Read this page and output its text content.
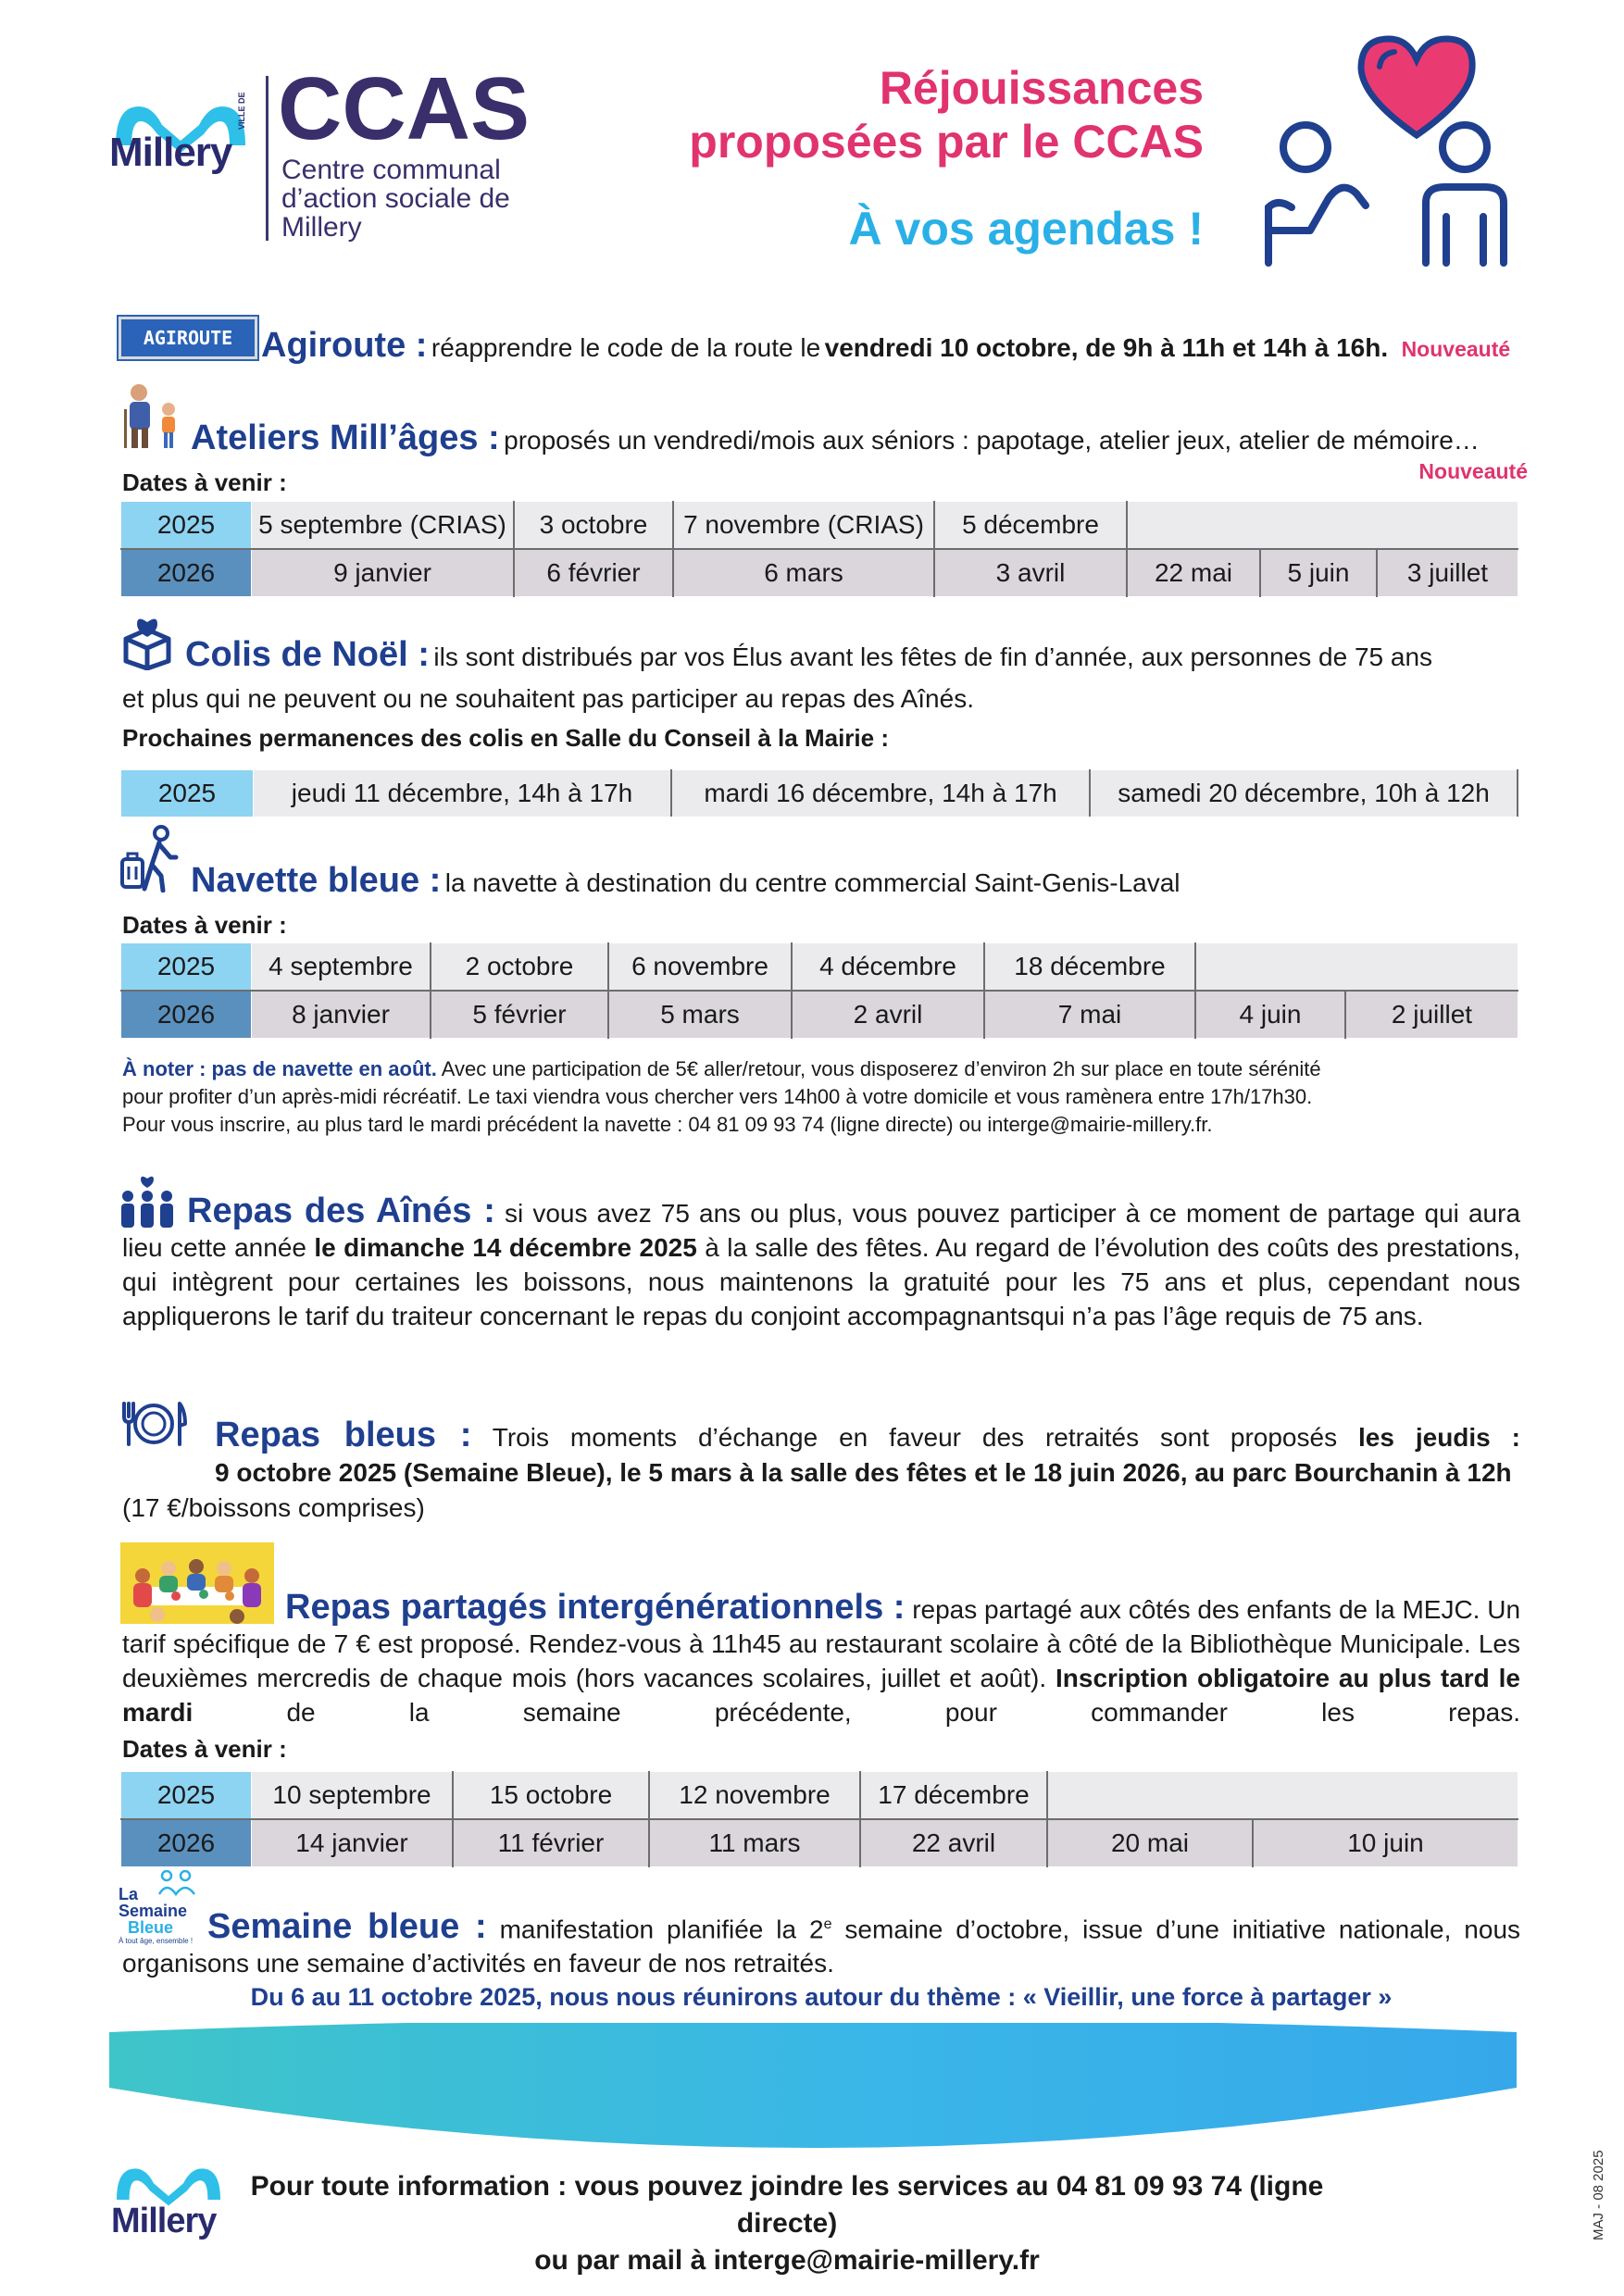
Millery
VILLE DE CCAS
Centre communal d’action sociale de Millery
Réjouissances
proposées par le CCAS
À vos agendas !
AGIROUTE Agiroute : réapprendre le code de la route le vendredi 10 octobre, de 9h à 11h et 14h à 16h. Nouveauté
Ateliers Mill’âges : proposés un vendredi/mois aux séniors : papotage, atelier jeux, atelier de mémoire…
Dates à venir :	Nouveauté
2025	5 septembre (CRIAS)	3 octobre	7 novembre (CRIAS)	5 décembre			
2026	9 janvier	6 février	6 mars	3 avril	22 mai	5 juin	3 juillet
Colis de Noël : ils sont distribués par vos Élus avant les fêtes de fin d’année, aux personnes de 75 ans
et plus qui ne peuvent ou ne souhaitent pas participer au repas des Aînés.
Prochaines permanences des colis en Salle du Conseil à la Mairie :
2025	jeudi 11 décembre, 14h à 17h	mardi 16 décembre, 14h à 17h	samedi 20 décembre, 10h à 12h
Navette bleue : la navette à destination du centre commercial Saint-Genis-Laval
Dates à venir :
2025	4 septembre	2 octobre	6 novembre	4 décembre	18 décembre		
2026	8 janvier	5 février	5 mars	2 avril	7 mai	4 juin	2 juillet
À noter : pas de navette en août. Avec une participation de 5€ aller/retour, vous disposerez d’environ 2h sur place en toute sérénité
pour profiter d’un après-midi récréatif. Le taxi viendra vous chercher vers 14h00 à votre domicile et vous ramènera entre 17h/17h30.
Pour vous inscrire, au plus tard le mardi précédent la navette : 04 81 09 93 74 (ligne directe) ou interge@mairie-millery.fr.
Repas des Aînés : si vous avez 75 ans ou plus, vous pouvez participer à ce moment de partage qui aura lieu cette année le dimanche 14 décembre 2025 à la salle des fêtes. Au regard de l’évolution des coûts des prestations, qui intègrent pour certaines les boissons, nous maintenons la gratuité pour les 75 ans et plus, cependant nous appliquerons le tarif du traiteur concernant le repas du conjoint accompagnantsqui n’a pas l’âge requis de 75 ans.
Repas bleus : Trois moments d’échange en faveur des retraités sont proposés les jeudis :
9 octobre 2025 (Semaine Bleue), le 5 mars à la salle des fêtes et le 18 juin 2026, au parc Bourchanin à 12h
(17 €/boissons comprises)
Repas partagés intergénérationnels : repas partagé aux côtés des enfants de la MEJC. Un tarif spécifique de 7 € est proposé. Rendez-vous à 11h45 au restaurant scolaire à côté de la Bibliothèque Municipale. Les deuxièmes mercredis de chaque mois (hors vacances scolaires, juillet et août). Inscription obligatoire au plus tard le mardi	de la semaine précédente, pour commander les repas.
Dates à venir :
2025	10 septembre	15 octobre	12 novembre	17 décembre		
2026	14 janvier	11 février	11 mars	22 avril	20 mai	10 juin
La
Semaine
Bleue
À tout âge, ensemble ! Semaine bleue : manifestation planifiée la 2e semaine d’octobre, issue d’une initiative nationale, nous organisons une semaine d’activités en faveur de nos retraités.
Du 6 au 11 octobre 2025, nous nous réunirons autour du thème : « Vieillir, une force à partager »
Millery
Pour toute information : vous pouvez joindre les services au 04 81 09 93 74 (ligne directe)
ou par mail à interge@mairie-millery.fr
MAJ - 08 2025
